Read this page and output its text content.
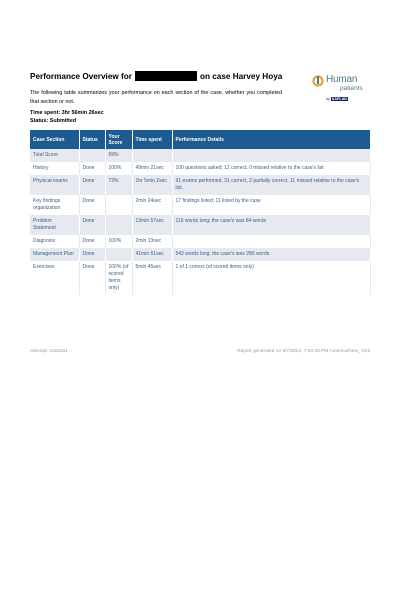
Performance Overview for	on case Harvey Hoya	Human
patients
by KAPLAN
The following table summarizes your performance on each section of the case, whether you completed that section or not.
Time spent: 3hr 56min 26sec
Status: Submitted
Case Section	Status	Your Score	Time spent	Performance Details
Total Score		59%		
History	Done	100%	49min 21sec	100 questions asked; 12 correct, 0 missed relative to the case's list
Physical exams	Done	73%	1hr 5min 2sec	91 exams performed, 31 correct, 2 partially correct, 11 missed relative to the case's list.
Key findings organization	Done		2min 24sec	17 findings listed; 11 listed by the case
Problem Statement	Done		13min 57sec	116 words long; the case's was 84 words
Diagnosis	Done	100%	2min 13sec	
Management Plan	Done		41min 51sec	543 words long; the case's was 280 words
Exercises	Done	100% (of scored items only)	5min 45sec	1 of 1 correct (of scored items only)
Attempt: 3156331	Report generated on 6/7/2024, 7:50:32 PM America/New_York
